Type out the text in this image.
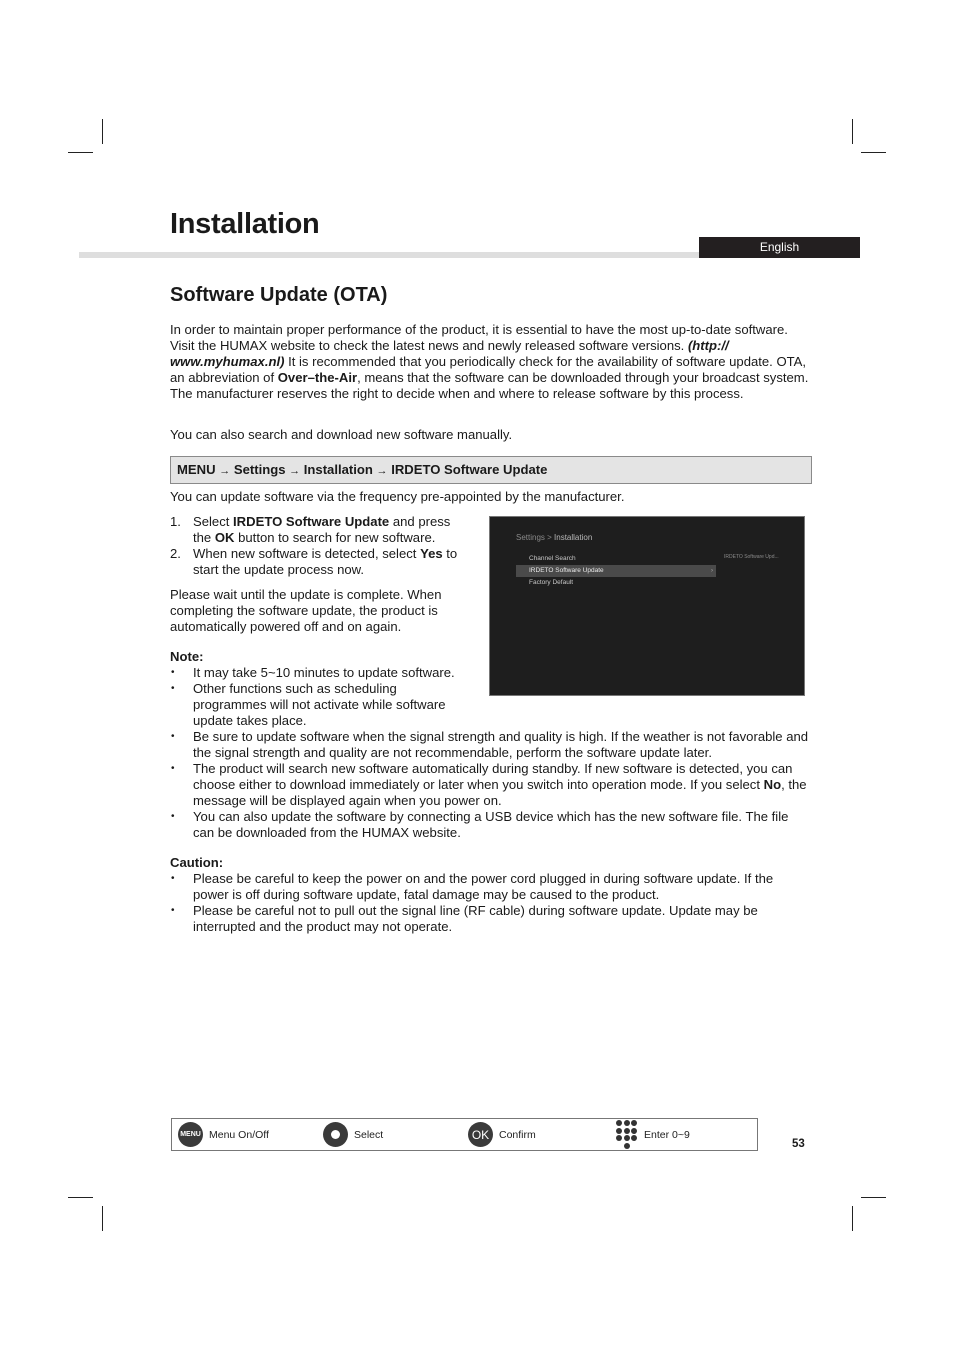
Installation
English
Software Update (OTA)

In order to maintain proper performance of the product, it is essential to have the most up-to-date software. Visit the HUMAX website to check the latest news and newly released software versions. (http:// www.myhumax.nl) It is recommended that you periodically check for the availability of software update. OTA, an abbreviation of Over–the-Air, means that the software can be downloaded through your broadcast system. The manufacturer reserves the right to decide when and where to release software by this process.

You can also search and download new software manually.

MENU → Settings → Installation → IRDETO Software Update

You can update software via the frequency pre-appointed by the manufacturer.

1. Select IRDETO Software Update and press the OK button to search for new software.
2. When new software is detected, select Yes to start the update process now.

Please wait until the update is complete. When completing the software update, the product is automatically powered off and on again.

Note:

• It may take 5~10 minutes to update software.
• Other functions such as scheduling programmes will not activate while software update takes place.
• Be sure to update software when the signal strength and quality is high. If the weather is not favorable and the signal strength and quality are not recommendable, perform the software update later.
• The product will search new software automatically during standby. If new software is detected, you can choose either to download immediately or later when you switch into operation mode. If you select No, the message will be displayed again when you power on.
• You can also update the software by connecting a USB device which has the new software file. The file can be downloaded from the HUMAX website.

Caution:

• Please be careful to keep the power on and the power cord plugged in during software update. If the power is off during software update, fatal damage may be caused to the product.
• Please be careful not to pull out the signal line (RF cable) during software update. Update may be interrupted and the product may not operate.
Settings > Installation
Channel Search
IRDETO Software Update	›
Factory Default
IRDETO Software Upd...
MENU Menu On/Off	Select	OK Confirm	Enter 0~9
53
